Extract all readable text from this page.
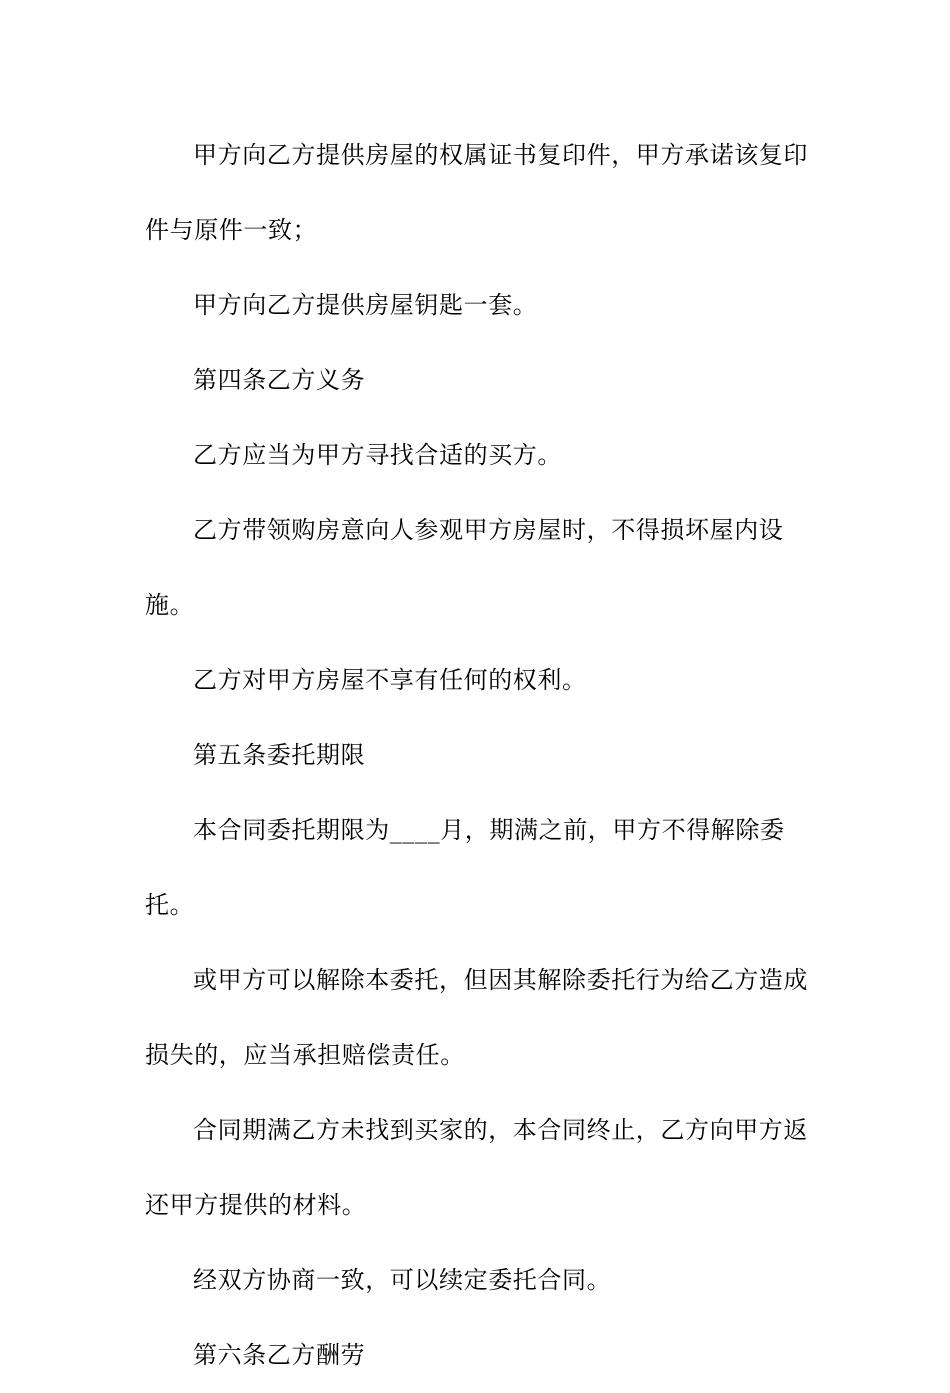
甲方向乙方提供房屋的权属证书复印件，甲方承诺该复印件与原件一致；

甲方向乙方提供房屋钥匙一套。

第四条乙方义务

乙方应当为甲方寻找合适的买方。

乙方带领购房意向人参观甲方房屋时，不得损坏屋内设施。

乙方对甲方房屋不享有任何的权利。

第五条委托期限

本合同委托期限为____月，期满之前，甲方不得解除委托。

或甲方可以解除本委托，但因其解除委托行为给乙方造成损失的，应当承担赔偿责任。

合同期满乙方未找到买家的，本合同终止，乙方向甲方返还甲方提供的材料。

经双方协商一致，可以续定委托合同。

第六条乙方酬劳
